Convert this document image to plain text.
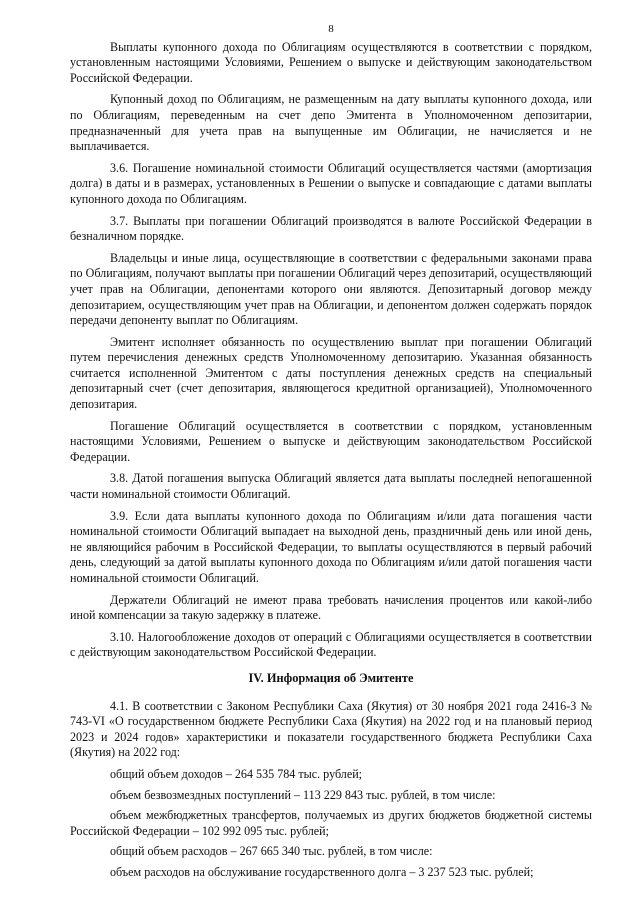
8

Выплаты купонного дохода по Облигациям осуществляются в соответствии с порядком, установленным настоящими Условиями, Решением о выпуске и действующим законодательством Российской Федерации.

Купонный доход по Облигациям, не размещенным на дату выплаты купонного дохода, или по Облигациям, переведенным на счет депо Эмитента в Уполномоченном депозитарии, предназначенный для учета прав на выпущенные им Облигации, не начисляется и не выплачивается.

3.6. Погашение номинальной стоимости Облигаций осуществляется частями (амортизация долга) в даты и в размерах, установленных в Решении о выпуске и совпадающие с датами выплаты купонного дохода по Облигациям.

3.7. Выплаты при погашении Облигаций производятся в валюте Российской Федерации в безналичном порядке.

Владельцы и иные лица, осуществляющие в соответствии с федеральными законами права по Облигациям, получают выплаты при погашении Облигаций через депозитарий, осуществляющий учет прав на Облигации, депонентами которого они являются. Депозитарный договор между депозитарием, осуществляющим учет прав на Облигации, и депонентом должен содержать порядок передачи депоненту выплат по Облигациям.

Эмитент исполняет обязанность по осуществлению выплат при погашении Облигаций путем перечисления денежных средств Уполномоченному депозитарию. Указанная обязанность считается исполненной Эмитентом с даты поступления денежных средств на специальный депозитарный счет (счет депозитария, являющегося кредитной организацией), Уполномоченного депозитария.

Погашение Облигаций осуществляется в соответствии с порядком, установленным настоящими Условиями, Решением о выпуске и действующим законодательством Российской Федерации.

3.8. Датой погашения выпуска Облигаций является дата выплаты последней непогашенной части номинальной стоимости Облигаций.

3.9. Если дата выплаты купонного дохода по Облигациям и/или дата погашения части номинальной стоимости Облигаций выпадает на выходной день, праздничный день или иной день, не являющийся рабочим в Российской Федерации, то выплаты осуществляются в первый рабочий день, следующий за датой выплаты купонного дохода по Облигациям и/или датой погашения части номинальной стоимости Облигаций.

Держатели Облигаций не имеют права требовать начисления процентов или какой-либо иной компенсации за такую задержку в платеже.

3.10. Налогообложение доходов от операций с Облигациями осуществляется в соответствии с действующим законодательством Российской Федерации.

IV. Информация об Эмитенте

4.1. В соответствии с Законом Республики Саха (Якутия) от 30 ноября 2021 года 2416-З № 743-VI «О государственном бюджете Республики Саха (Якутия) на 2022 год и на плановый период 2023 и 2024 годов» характеристики и показатели государственного бюджета Республики Саха (Якутия) на 2022 год:

общий объем доходов – 264 535 784 тыс. рублей;

объем безвозмездных поступлений – 113 229 843 тыс. рублей, в том числе:

объем межбюджетных трансфертов, получаемых из других бюджетов бюджетной системы Российской Федерации – 102 992 095 тыс. рублей;

общий объем расходов – 267 665 340 тыс. рублей, в том числе:

объем расходов на обслуживание государственного долга – 3 237 523 тыс. рублей;
